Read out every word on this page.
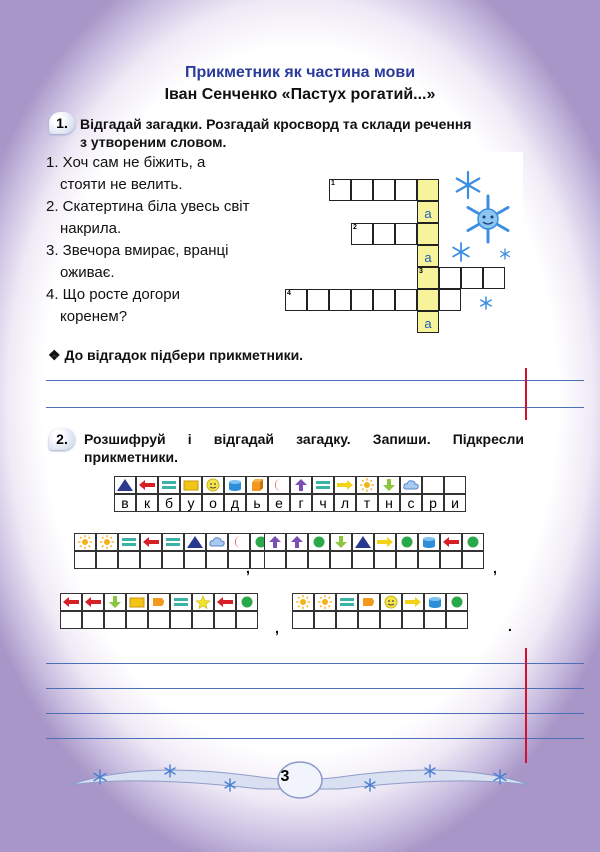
Прикметник як частина мови
Іван Сенченко «Пастух рогатий...»
1. Відгадай загадки. Розгадай кросворд та склади речення
з утвореним словом.
1. Хоч сам не біжить, а
стояти не велить.
2. Скатертина біла увесь світ
накрила.
3. Звечора вмирає, вранці
оживає.
4. Що росте догори
коренем?
1
а
2
а
3
4
а
❖ До відгадок підбери прикметники.
2.	Розшифруй і відгадай загадку. Запиши. Підкресли
прикметники.
в	к	б	у	о	д	ь	е	г	ч	л	т	н	с	р	и
,	,
,	.
3
